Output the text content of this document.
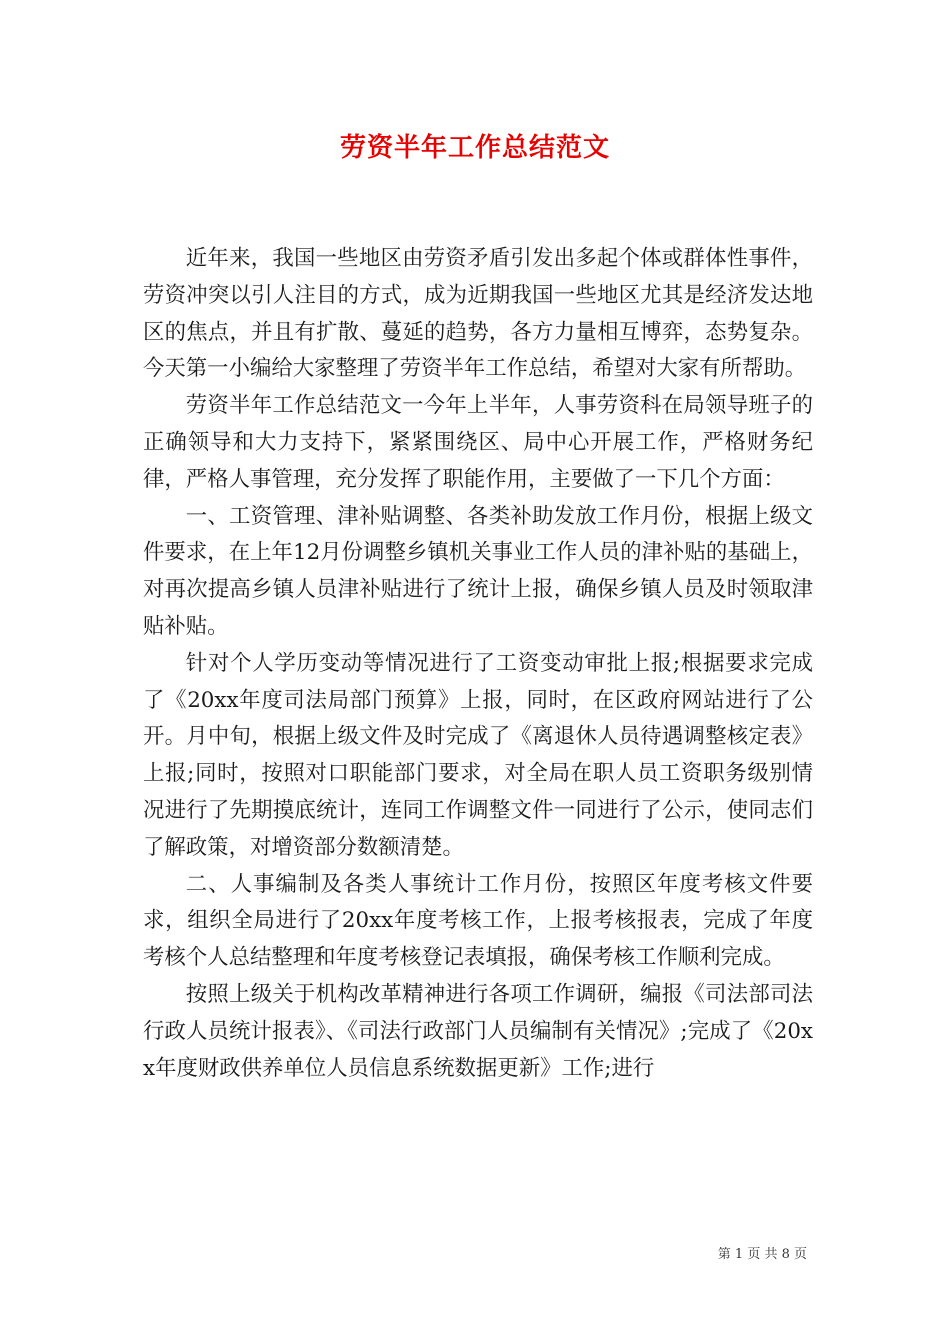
劳资半年工作总结范文

近年来，我国一些地区由劳资矛盾引发出多起个体或群体性事件，劳资冲突以引人注目的方式，成为近期我国一些地区尤其是经济发达地区的焦点，并且有扩散、蔓延的趋势，各方力量相互博弈，态势复杂。今天第一小编给大家整理了劳资半年工作总结，希望对大家有所帮助。

劳资半年工作总结范文一今年上半年，人事劳资科在局领导班子的正确领导和大力支持下，紧紧围绕区、局中心开展工作，严格财务纪律，严格人事管理，充分发挥了职能作用，主要做了一下几个方面：

一、工资管理、津补贴调整、各类补助发放工作月份，根据上级文件要求，在上年12月份调整乡镇机关事业工作人员的津补贴的基础上，对再次提高乡镇人员津补贴进行了统计上报，确保乡镇人员及时领取津贴补贴。

针对个人学历变动等情况进行了工资变动审批上报;根据要求完成了《20xx年度司法局部门预算》上报，同时，在区政府网站进行了公开。月中旬，根据上级文件及时完成了《离退休人员待遇调整核定表》上报;同时，按照对口职能部门要求，对全局在职人员工资职务级别情况进行了先期摸底统计，连同工作调整文件一同进行了公示，使同志们了解政策，对增资部分数额清楚。

二、人事编制及各类人事统计工作月份，按照区年度考核文件要求，组织全局进行了20xx年度考核工作，上报考核报表，完成了年度考核个人总结整理和年度考核登记表填报，确保考核工作顺利完成。

按照上级关于机构改革精神进行各项工作调研，编报《司法部司法行政人员统计报表》、《司法行政部门人员编制有关情况》;完成了《20xx年度财政供养单位人员信息系统数据更新》工作;进行

第 1 页 共 8 页
